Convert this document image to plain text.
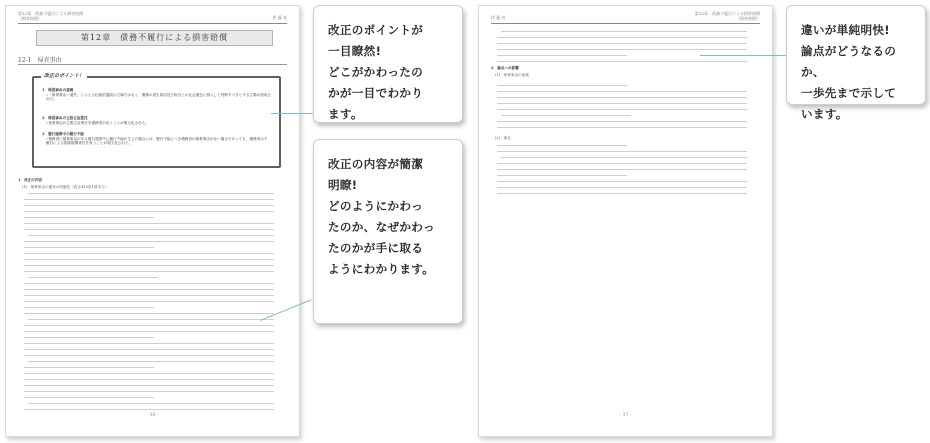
第12章　債務不履行による損害賠償
（損害賠償）	伊 藤 亮
第12章　債務不履行による損害賠償
12-1　帰責事由
改正のポイント！
1　帰責事由の意義
✓「帰責事由＝過失」とらえる伝統的通説の立場ではなく、債務の発生原因及び取引上の社会通念に照らして判断すべきとする立場が採用された。
2　帰責事由の主張立証責任
✓免責事由の主張立証責任を債務者が負うことが明文化された。
3　履行遅滞中の履行不能
✓債務者に帰責事由がある履行遅滞中に履行不能が生じた場合には、履行不能につき債務者の帰責事由がない場合であっても、債務者は不履行による損害賠償責任を負うことが明文化された。
1　改正の内容
(1)　帰責事由の趣旨の明確化（改正415条1項本文）
- 36 -
伊 藤 亮
第12章　債務不履行による損害賠償
（損害賠償）
2　論点への影響
(1)　帰責事由の意義
(2)　補足
- 37 -

改正のポイントが

一目瞭然!

どこがかわったの

かが一目でわかり

ます。

改正の内容が簡潔

明瞭!

どのようにかわっ

たのか、なぜかわっ

たのかが手に取る

ようにわかります。

違いが単純明快!

論点がどうなるのか、

一歩先まで示して

います。
